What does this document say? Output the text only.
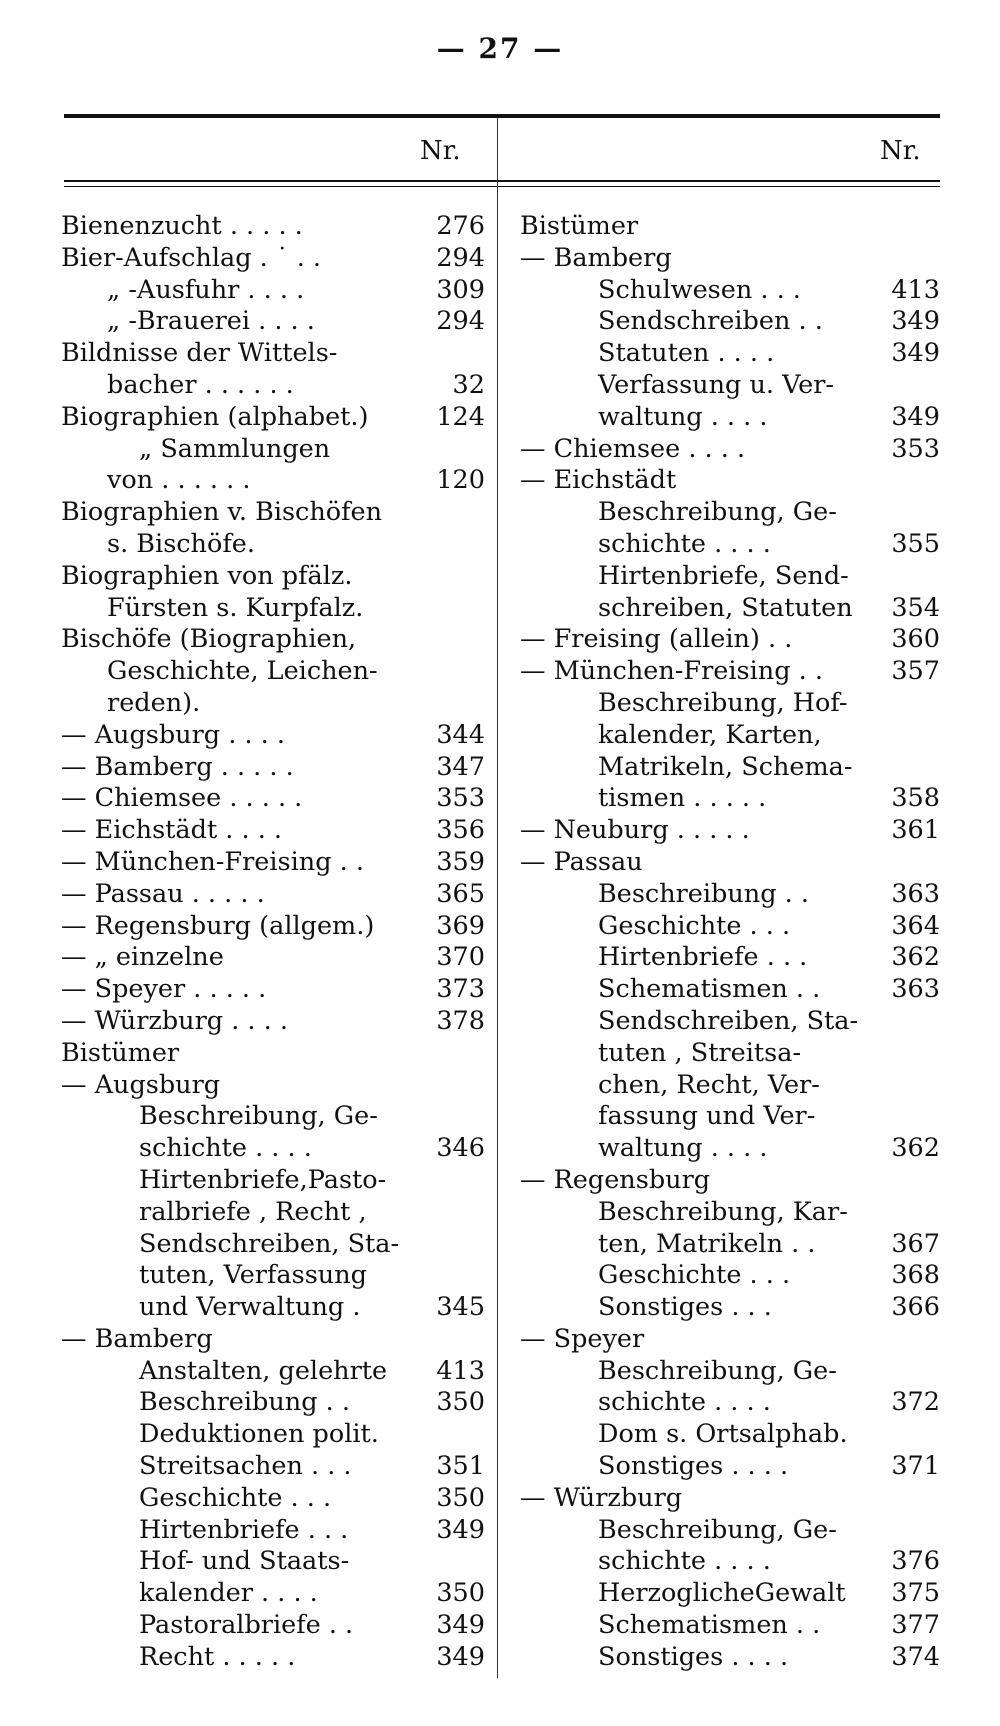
— 27 —
Nr.	Nr.
Bienenzucht . . . . .	276
Bier-Aufschlag . ˙ . .	294
„ -Ausfuhr . . . .	309
„ -Brauerei . . . .	294
Bildnisse der Wittels-
bacher . . . . . .	32
Biographien (alphabet.)	124
„ Sammlungen
von . . . . . .	120
Biographien v. Bischöfen
s. Bischöfe.
Biographien von pfälz.
Fürsten s. Kurpfalz.
Bischöfe (Biographien,
Geschichte, Leichen-
reden).
— Augsburg . . . .	344
— Bamberg . . . . .	347
— Chiemsee . . . . .	353
— Eichstädt . . . .	356
— München-Freising . .	359
— Passau . . . . .	365
— Regensburg (allgem.) 369
— „ einzelne	370
— Speyer . . . . .	373
— Würzburg . . . .	378
Bistümer
— Augsburg
Beschreibung, Ge-
schichte . . . .	346
Hirtenbriefe,Pasto-
ralbriefe , Recht ,
Sendschreiben, Sta-
tuten, Verfassung
und Verwaltung .	345
— Bamberg
Anstalten, gelehrte 413
Beschreibung . .	350
Deduktionen polit.
Streitsachen . . .	351
Geschichte . . .	350
Hirtenbriefe . . .	349
Hof- und Staats-
kalender . . . .	350
Pastoralbriefe . .	349
Recht . . . . .	349
Bistümer
— Bamberg
Schulwesen . . .	413
Sendschreiben . .	349
Statuten . . . .	349
Verfassung u. Ver-
waltung . . . .	349
— Chiemsee . . . .	353
— Eichstädt
Beschreibung, Ge-
schichte . . . .	355
Hirtenbriefe, Send-
schreiben, Statuten 354
— Freising (allein) . .	360
— München-Freising . .	357
Beschreibung, Hof-
kalender, Karten,
Matrikeln, Schema-
tismen . . . . .	358
— Neuburg . . . . .	361
— Passau
Beschreibung . .	363
Geschichte . . .	364
Hirtenbriefe . . .	362
Schematismen . .	363
Sendschreiben, Sta-
tuten , Streitsa-
chen, Recht, Ver-
fassung und Ver-
waltung . . . .	362
— Regensburg
Beschreibung, Kar-
ten, Matrikeln . .	367
Geschichte . . .	368
Sonstiges . . .	366
— Speyer
Beschreibung, Ge-
schichte . . . .	372
Dom s. Ortsalphab.
Sonstiges . . . .	371
— Würzburg
Beschreibung, Ge-
schichte . . . .	376
HerzoglicheGewalt 375
Schematismen . .	377
Sonstiges . . . .	374
